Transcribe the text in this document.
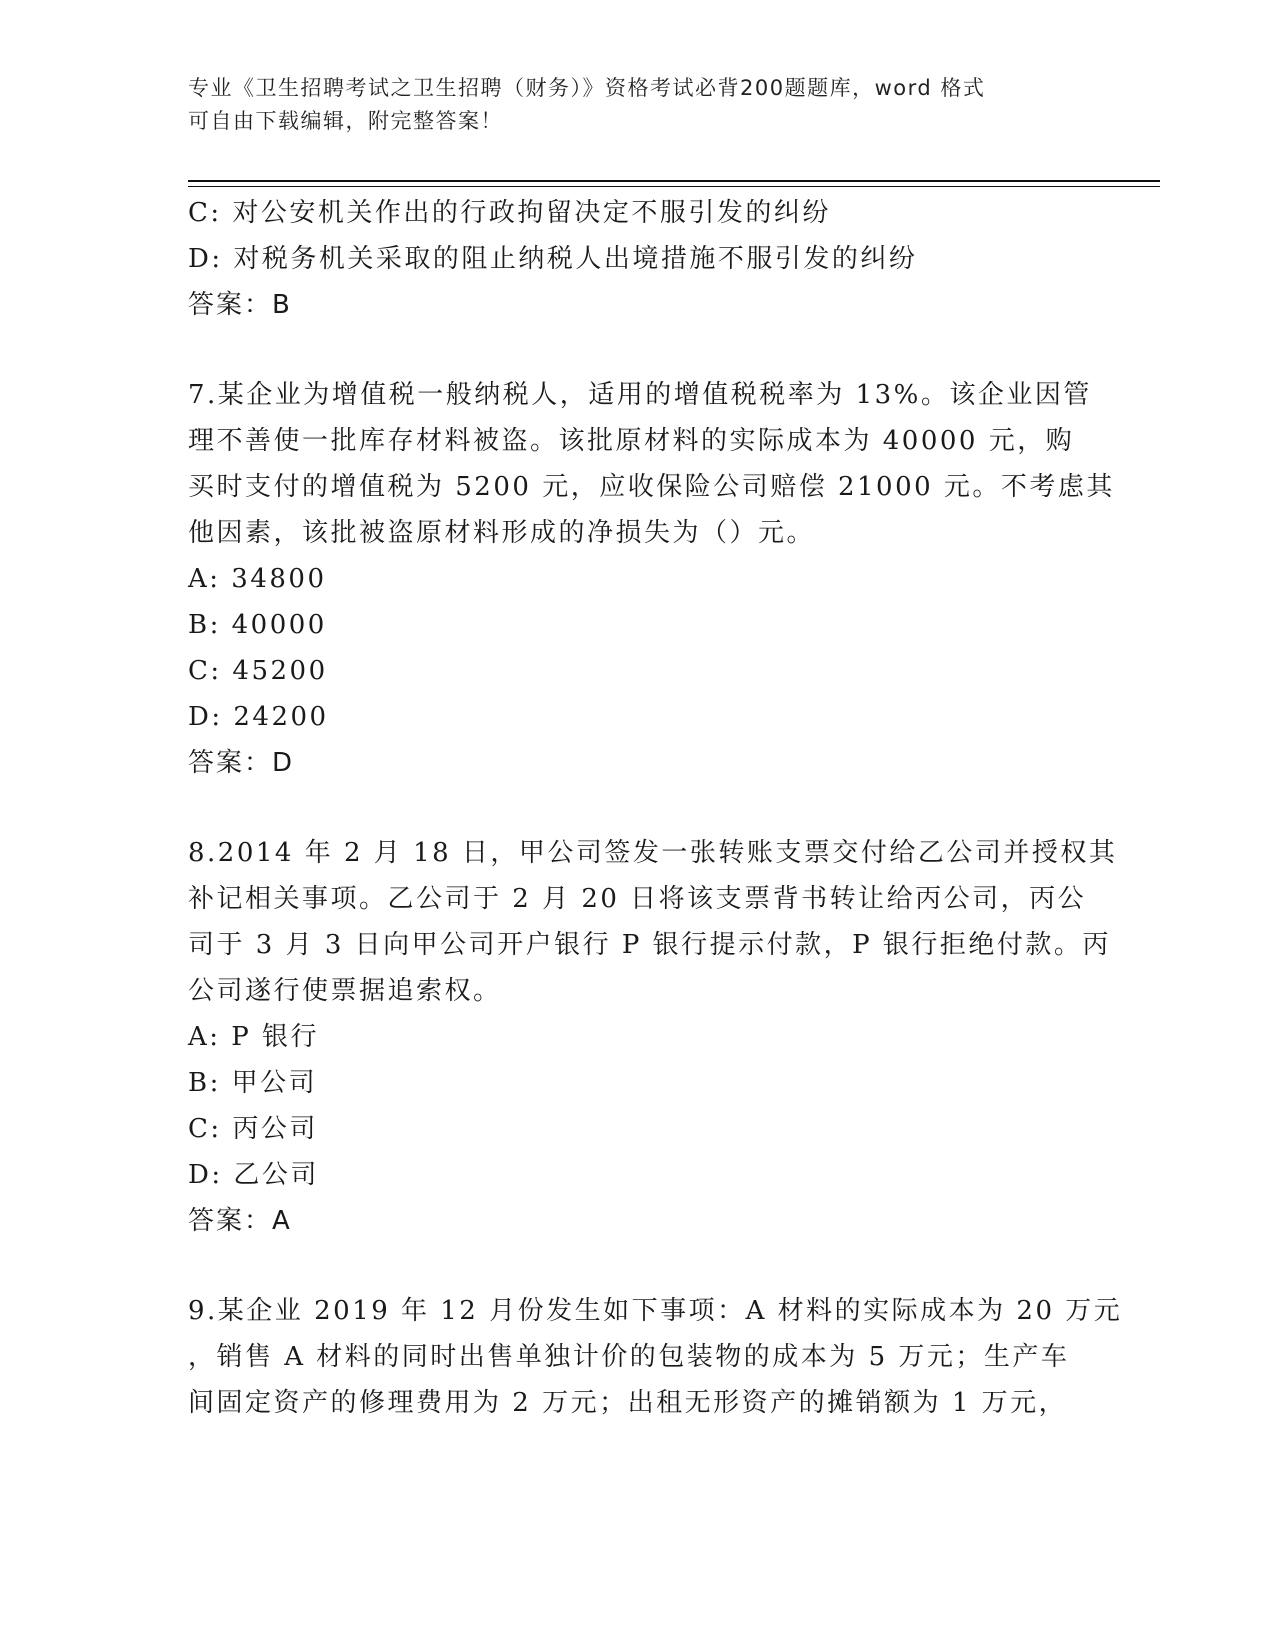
专业《卫生招聘考试之卫生招聘（财务）》资格考试必背200题题库，word 格式
可自由下载编辑，附完整答案！
C: 对公安机关作出的行政拘留决定不服引发的纠纷
D: 对税务机关采取的阻止纳税人出境措施不服引发的纠纷
答案：B
7.某企业为增值税一般纳税人，适用的增值税税率为 13%。该企业因管
理不善使一批库存材料被盗。该批原材料的实际成本为 40000 元，购
买时支付的增值税为 5200 元，应收保险公司赔偿 21000 元。不考虑其
他因素，该批被盗原材料形成的净损失为（）元。
A: 34800
B: 40000
C: 45200
D: 24200
答案：D
8.2014 年 2 月 18 日，甲公司签发一张转账支票交付给乙公司并授权其
补记相关事项。乙公司于 2 月 20 日将该支票背书转让给丙公司，丙公
司于 3 月 3 日向甲公司开户银行 P 银行提示付款，P 银行拒绝付款。丙
公司遂行使票据追索权。
A: P 银行
B: 甲公司
C: 丙公司
D: 乙公司
答案：A
9.某企业 2019 年 12 月份发生如下事项：A 材料的实际成本为 20 万元
，销售 A 材料的同时出售单独计价的包装物的成本为 5 万元；生产车
间固定资产的修理费用为 2 万元；出租无形资产的摊销额为 1 万元，
